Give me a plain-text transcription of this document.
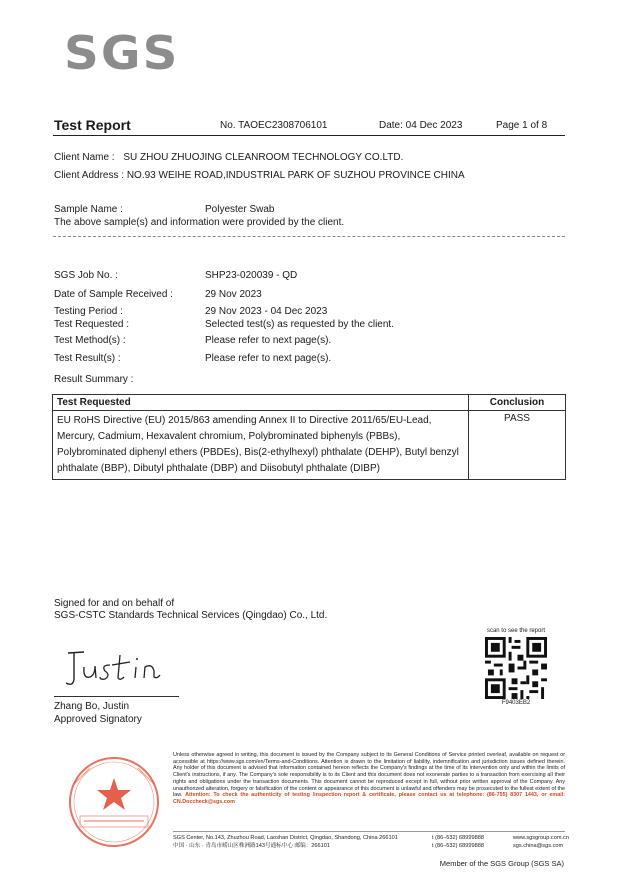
SGS
Test Report	No. TAOEC2308706101	Date: 04 Dec 2023	Page 1 of 8
Client Name : SU ZHOU ZHUOJING CLEANROOM TECHNOLOGY CO.LTD.
Client Address : NO.93 WEIHE ROAD,INDUSTRIAL PARK OF SUZHOU PROVINCE CHINA
Sample Name :	Polyester Swab
The above sample(s) and information were provided by the client.
SGS Job No. :	SHP23-020039 - QD
Date of Sample Received :	29 Nov 2023
Testing Period :	29 Nov 2023 - 04 Dec 2023
Test Requested :	Selected test(s) as requested by the client.
Test Method(s) :	Please refer to next page(s).
Test Result(s) :	Please refer to next page(s).
Result Summary :
Test Requested	Conclusion
EU RoHS Directive (EU) 2015/863 amending Annex II to Directive 2011/65/EU-Lead, Mercury, Cadmium, Hexavalent chromium, Polybrominated biphenyls (PBBs), Polybrominated diphenyl ethers (PBDEs), Bis(2-ethylhexyl) phthalate (DEHP), Butyl benzyl phthalate (BBP), Dibutyl phthalate (DBP) and Diisobutyl phthalate (DIBP)	PASS
Signed for and on behalf of
SGS-CSTC Standards Technical Services (Qingdao) Co., Ltd.
Zhang Bo, Justin
Approved Signatory
scan to see the report
F9403EB2
Unless otherwise agreed in writing, this document is issued by the Company subject to its General Conditions of Service printed overleaf, available on request or accessible at https://www.sgs.com/en/Terms-and-Conditions. Attention is drawn to the limitation of liability, indemnification and jurisdiction issues defined therein. Any holder of this document is advised that information contained hereon reflects the Company's findings at the time of its intervention only and within the limits of Client's instructions, if any. The Company's sole responsibility is to its Client and this document does not exonerate parties to a transaction from exercising all their rights and obligations under the transaction documents. This document cannot be reproduced except in full, without prior written approval of the Company. Any unauthorized alteration, forgery or falsification of the content or appearance of this document is unlawful and offenders may be prosecuted to the fullest extent of the law. Attention: To check the authenticity of testing /inspection report & certificate, please contact us at telephone: (86-755) 8307 1443, or email: CN.Doccheck@sgs.com
SGS Center, No.143, Zhuzhou Road, Laoshan District, Qingdao, Shandong, China 266101
中国 · 山东 · 青岛市崂山区株洲路143号通标中心 邮编：266101
t (86–532) 68999888
t (86–532) 68999888
www.sgsgroup.com.cn
sgs.china@sgs.com
Member of the SGS Group (SGS SA)
